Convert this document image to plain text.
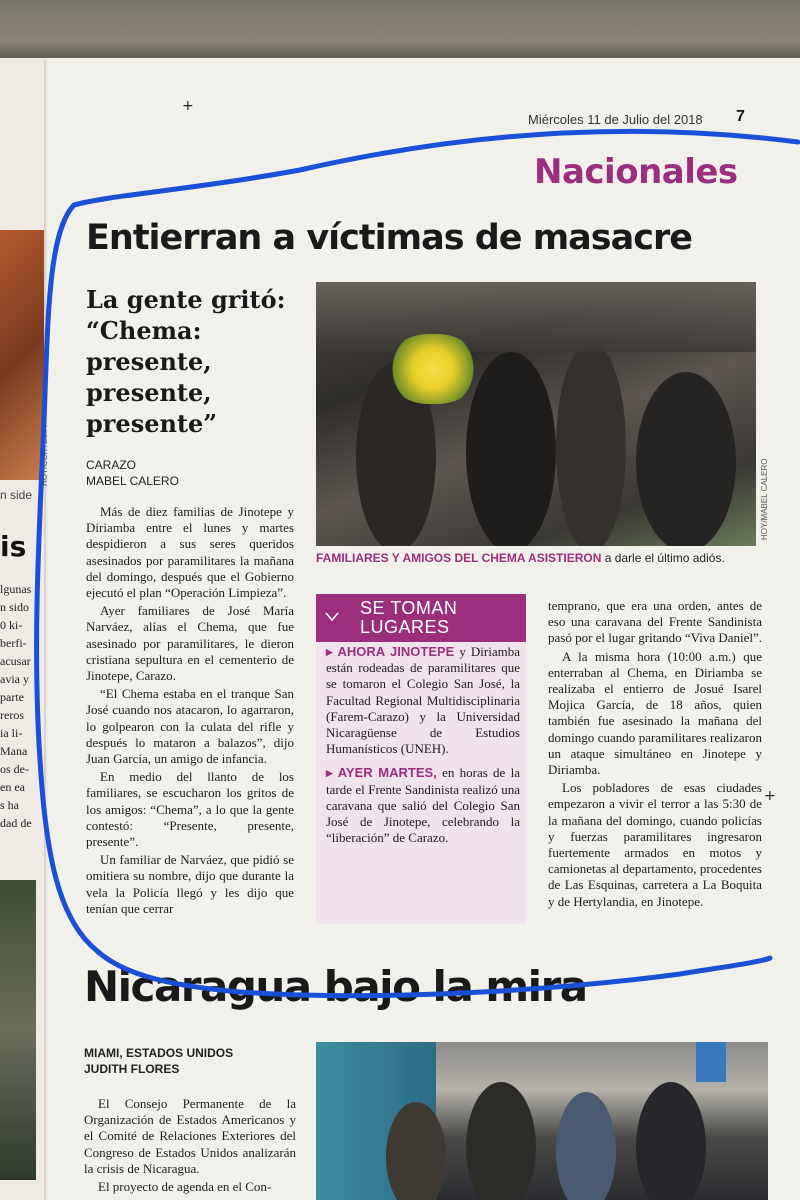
n side
is
lgunas
n sido
0 ki-
berfi-
acusar
avia y
parte
reros
ia li-
Mana
os de-
en ea
s ha
dad de
+
+
Miércoles 11 de Julio del 2018 7
Nacionales
Entierran a víctimas de masacre
La gente gritó: “Chema: presente, presente, presente”
HOY/CORTESIA	CARAZO
MABEL CALERO

Más de diez familias de Jinotepe y Diriamba entre el lunes y martes despidieron a sus seres queridos asesinados por paramilitares la mañana del domingo, después que el Gobierno ejecutó el plan “Operación Limpieza”.

Ayer familiares de José María Narváez, alías el Chema, que fue asesinado por paramilitares, le dieron cristiana sepultura en el cementerio de Jinotepe, Carazo.

“El Chema estaba en el tranque San José cuando nos atacaron, lo agarraron, lo golpearon con la culata del rifle y después lo mataron a balazos”, dijo Juan García, un amigo de infancia.

En medio del llanto de los familiares, se escucharon los gritos de los amigos: “Chema”, a lo que la gente contestó: “Presente, presente, presente”.

Un familiar de Narváez, que pidió se omitiera su nombre, dijo que durante la vela la Policía llegó y les dijo que tenían que cerrar

HOY/MABEL CALERO
FAMILIARES Y AMIGOS DEL CHEMA ASISTIERON a darle el último adiós.
SE TOMAN LUGARES

▸ AHORA JINOTEPE y Diriamba están rodeadas de paramilitares que se tomaron el Colegio San José, la Facultad Regional Multidisciplinaria (Farem-Carazo) y la Universidad Nicaragüense de Estudios Humanísticos (UNEH).

▸ AYER MARTES, en horas de la tarde el Frente Sandinista realizó una caravana que salió del Colegio San José de Jinotepe, celebrando la “liberación” de Carazo.

temprano, que era una orden, antes de eso una caravana del Frente Sandinista pasó por el lugar gritando “Viva Daniel”.

A la misma hora (10:00 a.m.) que enterraban al Chema, en Diriamba se realizaba el entierro de Josué Isarel Mojica García, de 18 años, quien también fue asesinado la mañana del domingo cuando paramilitares realizaron un ataque simultáneo en Jinotepe y Diriamba.

Los pobladores de esas ciudades empezaron a vivir el terror a las 5:30 de la mañana del domingo, cuando policías y fuerzas paramilitares ingresaron fuertemente armados en motos y camionetas al departamento, procedentes de Las Esquinas, carretera a La Boquita y de Hertylandia, en Jinotepe.

Nicaragua bajo la mira
MIAMI, ESTADOS UNIDOS
JUDITH FLORES

El Consejo Permanente de la Organización de Estados Americanos y el Comité de Relaciones Exteriores del Congreso de Estados Unidos analizarán la crisis de Nicaragua.

El proyecto de agenda en el Con-
